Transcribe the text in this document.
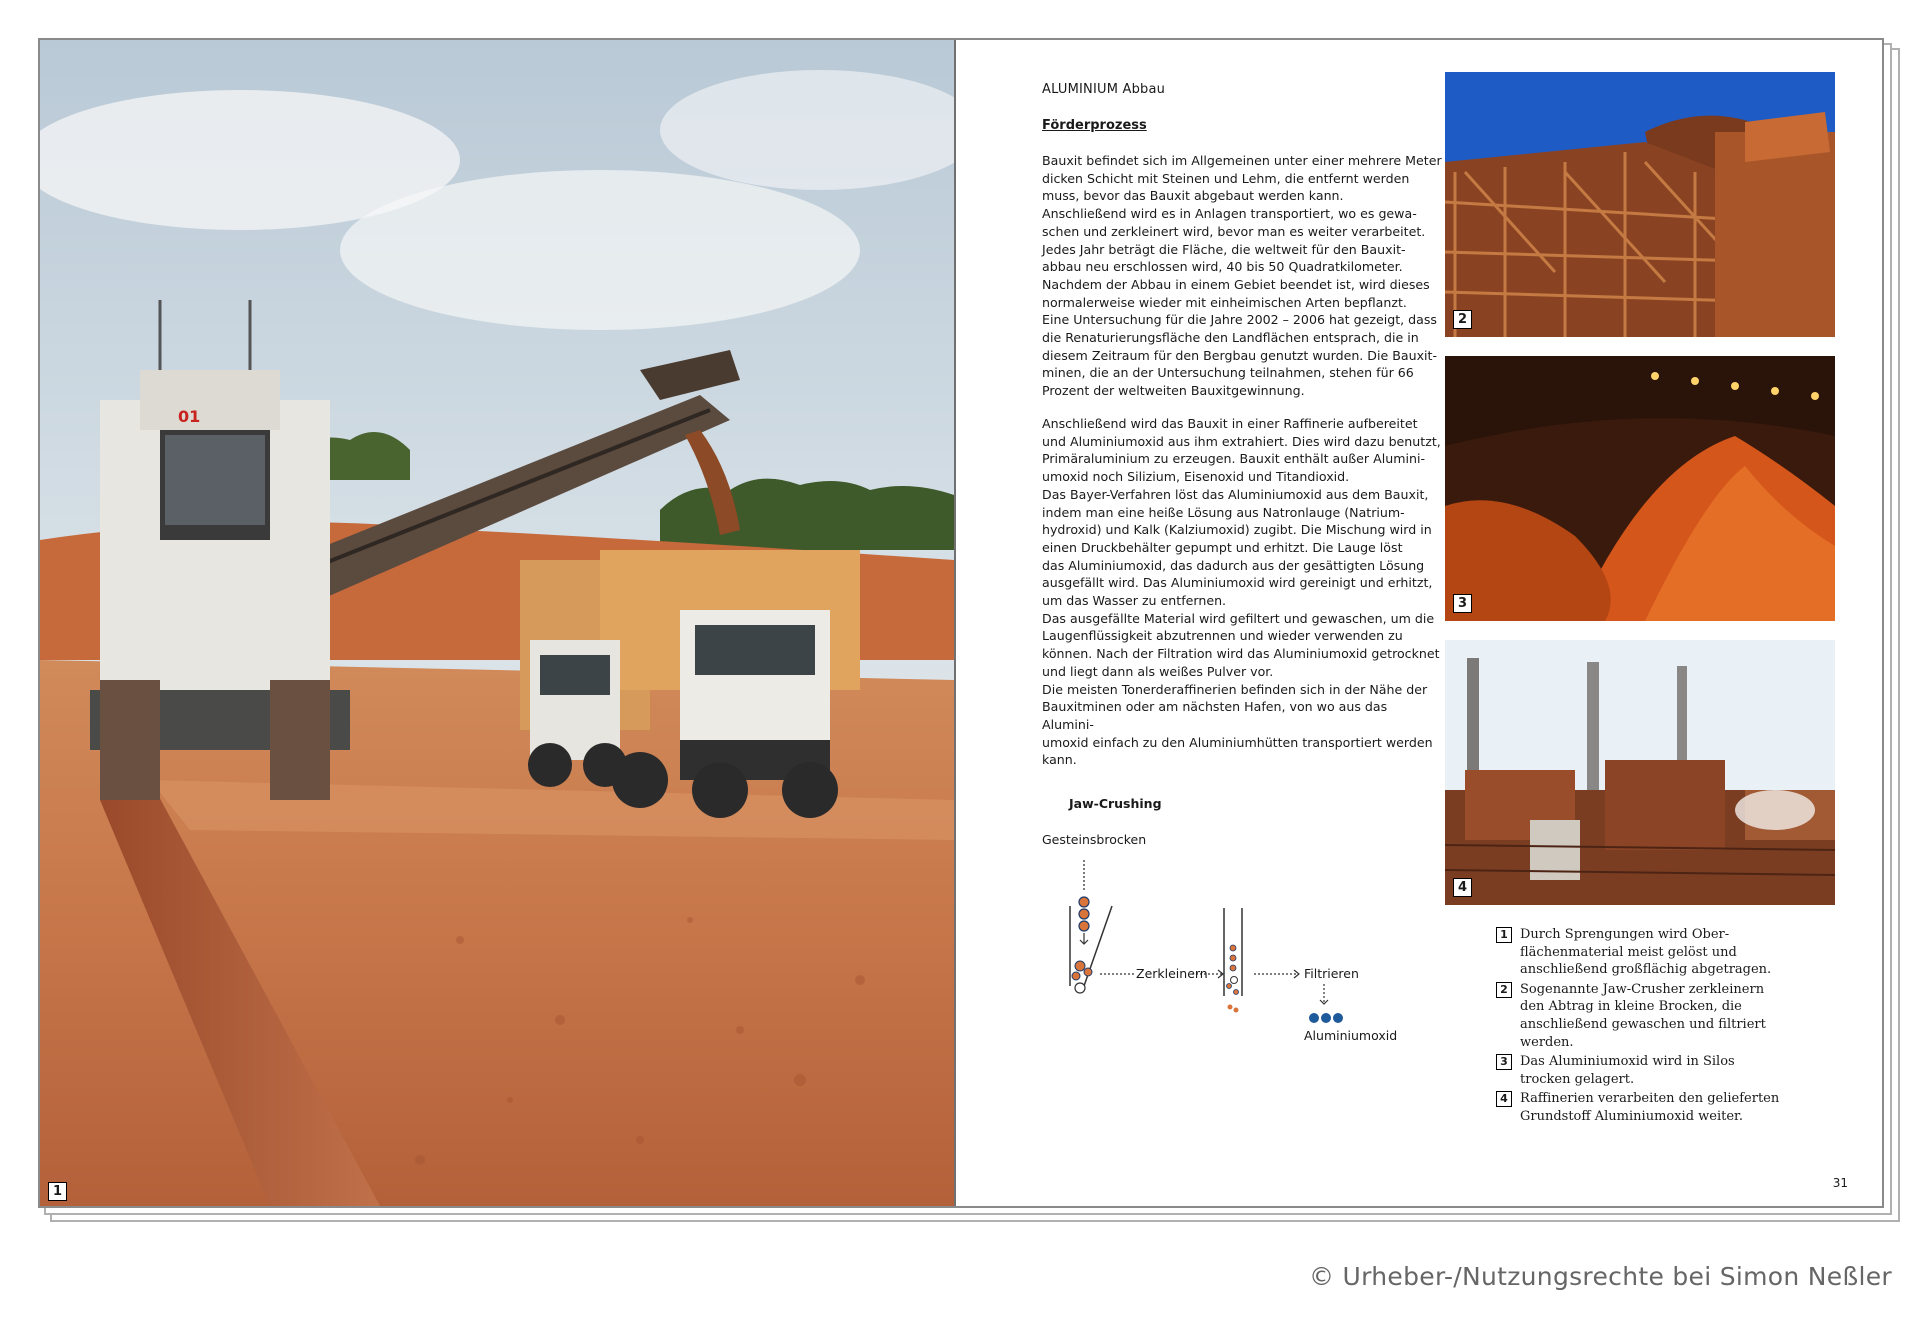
01
1
ALUMINIUM Abbau
Förderprozess
Bauxit befindet sich im Allgemeinen unter einer mehrere Meter
dicken Schicht mit Steinen und Lehm, die entfernt werden
muss, bevor das Bauxit abgebaut werden kann.
Anschließend wird es in Anlagen transportiert, wo es gewa-
schen und zerkleinert wird, bevor man es weiter verarbeitet.
Jedes Jahr beträgt die Fläche, die weltweit für den Bauxit-
abbau neu erschlossen wird, 40 bis 50 Quadratkilometer.
Nachdem der Abbau in einem Gebiet beendet ist, wird dieses
normalerweise wieder mit einheimischen Arten bepflanzt.
Eine Untersuchung für die Jahre 2002 – 2006 hat gezeigt, dass
die Renaturierungsfläche den Landflächen entsprach, die in
diesem Zeitraum für den Bergbau genutzt wurden. Die Bauxit-
minen, die an der Untersuchung teilnahmen, stehen für 66
Prozent der weltweiten Bauxitgewinnung.
Anschließend wird das Bauxit in einer Raffinerie aufbereitet
und Aluminiumoxid aus ihm extrahiert. Dies wird dazu benutzt,
Primäraluminium zu erzeugen. Bauxit enthält außer Alumini-
umoxid noch Silizium, Eisenoxid und Titandioxid.
Das Bayer-Verfahren löst das Aluminiumoxid aus dem Bauxit,
indem man eine heiße Lösung aus Natronlauge (Natrium-
hydroxid) und Kalk (Kalziumoxid) zugibt. Die Mischung wird in
einen Druckbehälter gepumpt und erhitzt. Die Lauge löst
das Aluminiumoxid, das dadurch aus der gesättigten Lösung
ausgefällt wird. Das Aluminiumoxid wird gereinigt und erhitzt,
um das Wasser zu entfernen.
Das ausgefällte Material wird gefiltert und gewaschen, um die
Laugenflüssigkeit abzutrennen und wieder verwenden zu
können. Nach der Filtration wird das Aluminiumoxid getrocknet
und liegt dann als weißes Pulver vor.
Die meisten Tonerderaffinerien befinden sich in der Nähe der
Bauxitminen oder am nächsten Hafen, von wo aus das Alumini-
umoxid einfach zu den Aluminiumhütten transportiert werden
kann.
2
3
4
Jaw-Crushing
Gesteinsbrocken
Zerkleinern	Filtrieren
Aluminiumoxid
1 Durch Sprengungen wird Ober-
flächenmaterial meist gelöst und
anschließend großflächig abgetragen.
2 Sogenannte Jaw-Crusher zerkleinern
den Abtrag in kleine Brocken, die
anschließend gewaschen und filtriert
werden.
3 Das Aluminiumoxid wird in Silos
trocken gelagert.
4 Raffinerien verarbeiten den gelieferten
Grundstoff Aluminiumoxid weiter.
31
© Urheber-/Nutzungsrechte bei Simon Neßler
